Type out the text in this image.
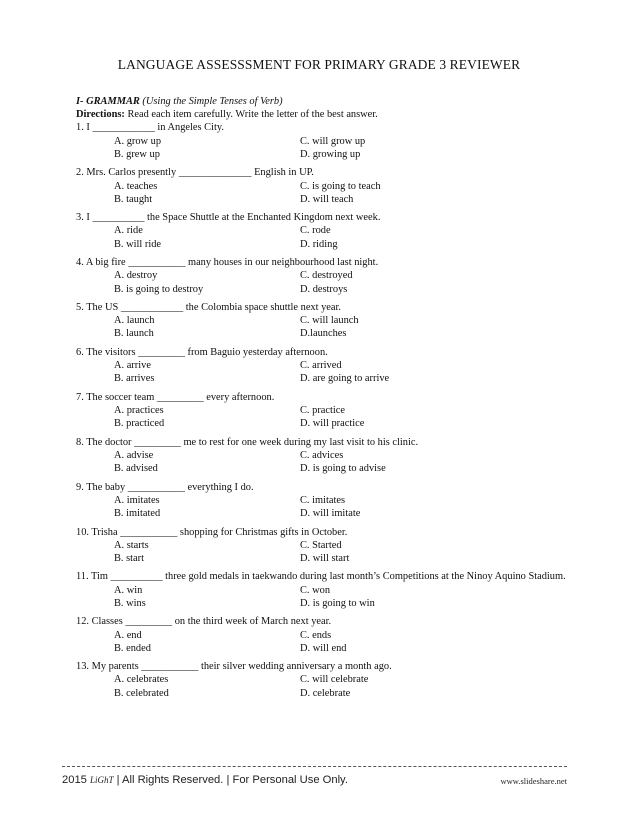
LANGUAGE ASSESSSMENT FOR PRIMARY GRADE 3 REVIEWER

I- GRAMMAR (Using the Simple Tenses of Verb)

Directions: Read each item carefully. Write the letter of the best answer.

1. I ____________ in Angeles City.

A. grow up	C. will grow up
B. grew up	D. growing up

2. Mrs. Carlos presently ______________ English in UP.

A. teaches	C. is going to teach
B. taught	D. will teach

3. I __________ the Space Shuttle at the Enchanted Kingdom next week.

A. ride	C. rode
B. will ride	D. riding

4. A big fire ___________ many houses in our neighbourhood last night.

A. destroy	C. destroyed
B. is going to destroy	D. destroys

5. The US ____________ the Colombia space shuttle next year.

A. launch	C. will launch
B. launch	D.launches

6. The visitors _________ from Baguio yesterday afternoon.

A. arrive	C. arrived
B. arrives	D. are going to arrive

7. The soccer team _________ every afternoon.

A. practices	C. practice
B. practiced	D. will practice

8. The doctor _________ me to rest for one week during my last visit to his clinic.

A. advise	C. advices
B. advised	D. is going to advise

9. The baby ___________ everything I do.

A. imitates	C. imitates
B. imitated	D. will imitate

10. Trisha ___________ shopping for Christmas gifts in October.

A. starts	C. Started
B. start	D. will start

11. Tim __________ three gold medals in taekwando during last month’s Competitions at the Ninoy Aquino Stadium.

A. win	C. won
B. wins	D. is going to win

12. Classes _________ on the third week of March next year.

A. end	C. ends
B. ended	D. will end

13. My parents ___________ their silver wedding anniversary a month ago.

A. celebrates	C. will celebrate
B. celebrated	D. celebrate
2015 LiGhT | All Rights Reserved. | For Personal Use Only.	www.slideshare.net
